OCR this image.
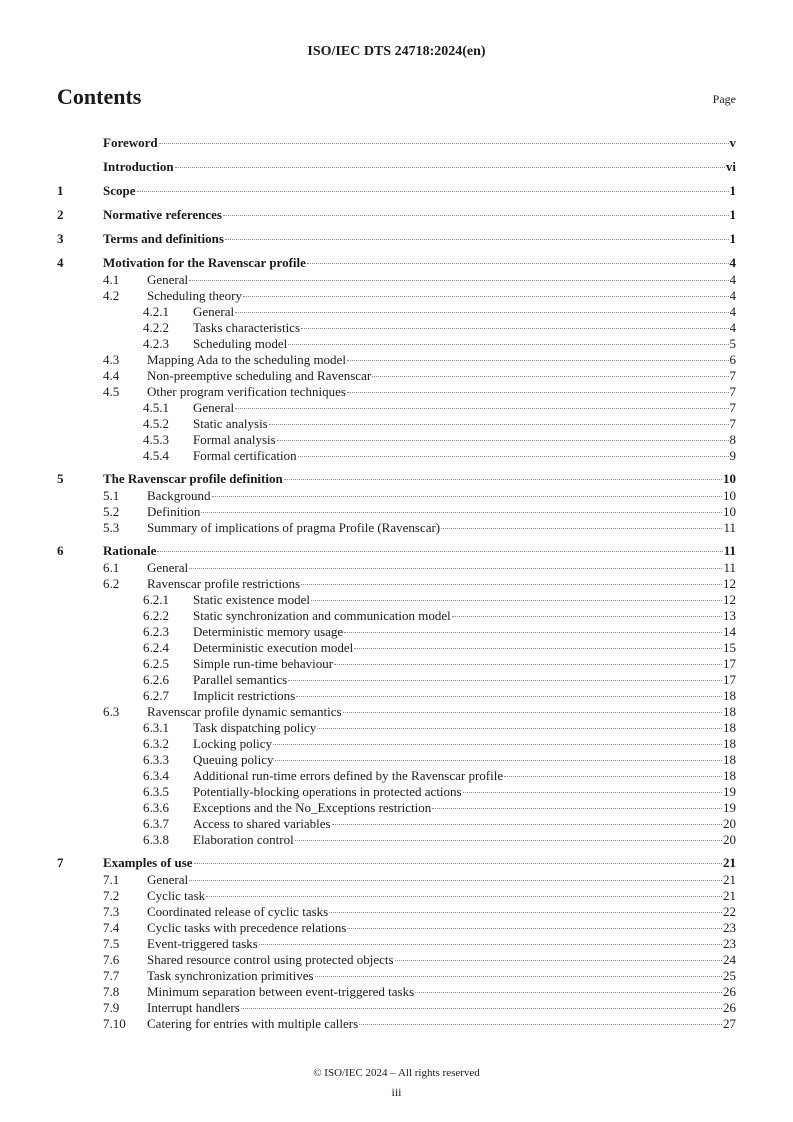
ISO/IEC DTS 24718:2024(en)
Contents	Page
Foreword	v
Introduction	vi
1	Scope	1
2	Normative references	1
3	Terms and definitions	1
4	Motivation for the Ravenscar profile	4
4.1	General	4
4.2	Scheduling theory	4
4.2.1	General	4
4.2.2	Tasks characteristics	4
4.2.3	Scheduling model	5
4.3	Mapping Ada to the scheduling model	6
4.4	Non-preemptive scheduling and Ravenscar	7
4.5	Other program verification techniques	7
4.5.1	General	7
4.5.2	Static analysis	7
4.5.3	Formal analysis	8
4.5.4	Formal certification	9
5	The Ravenscar profile definition	10
5.1	Background	10
5.2	Definition	10
5.3	Summary of implications of pragma Profile (Ravenscar)	11
6	Rationale	11
6.1	General	11
6.2	Ravenscar profile restrictions	12
6.2.1	Static existence model	12
6.2.2	Static synchronization and communication model	13
6.2.3	Deterministic memory usage	14
6.2.4	Deterministic execution model	15
6.2.5	Simple run-time behaviour	17
6.2.6	Parallel semantics	17
6.2.7	Implicit restrictions	18
6.3	Ravenscar profile dynamic semantics	18
6.3.1	Task dispatching policy	18
6.3.2	Locking policy	18
6.3.3	Queuing policy	18
6.3.4	Additional run-time errors defined by the Ravenscar profile	18
6.3.5	Potentially-blocking operations in protected actions	19
6.3.6	Exceptions and the No_Exceptions restriction	19
6.3.7	Access to shared variables	20
6.3.8	Elaboration control	20
7	Examples of use	21
7.1	General	21
7.2	Cyclic task	21
7.3	Coordinated release of cyclic tasks	22
7.4	Cyclic tasks with precedence relations	23
7.5	Event-triggered tasks	23
7.6	Shared resource control using protected objects	24
7.7	Task synchronization primitives	25
7.8	Minimum separation between event-triggered tasks	26
7.9	Interrupt handlers	26
7.10	Catering for entries with multiple callers	27
© ISO/IEC 2024 – All rights reserved
iii
